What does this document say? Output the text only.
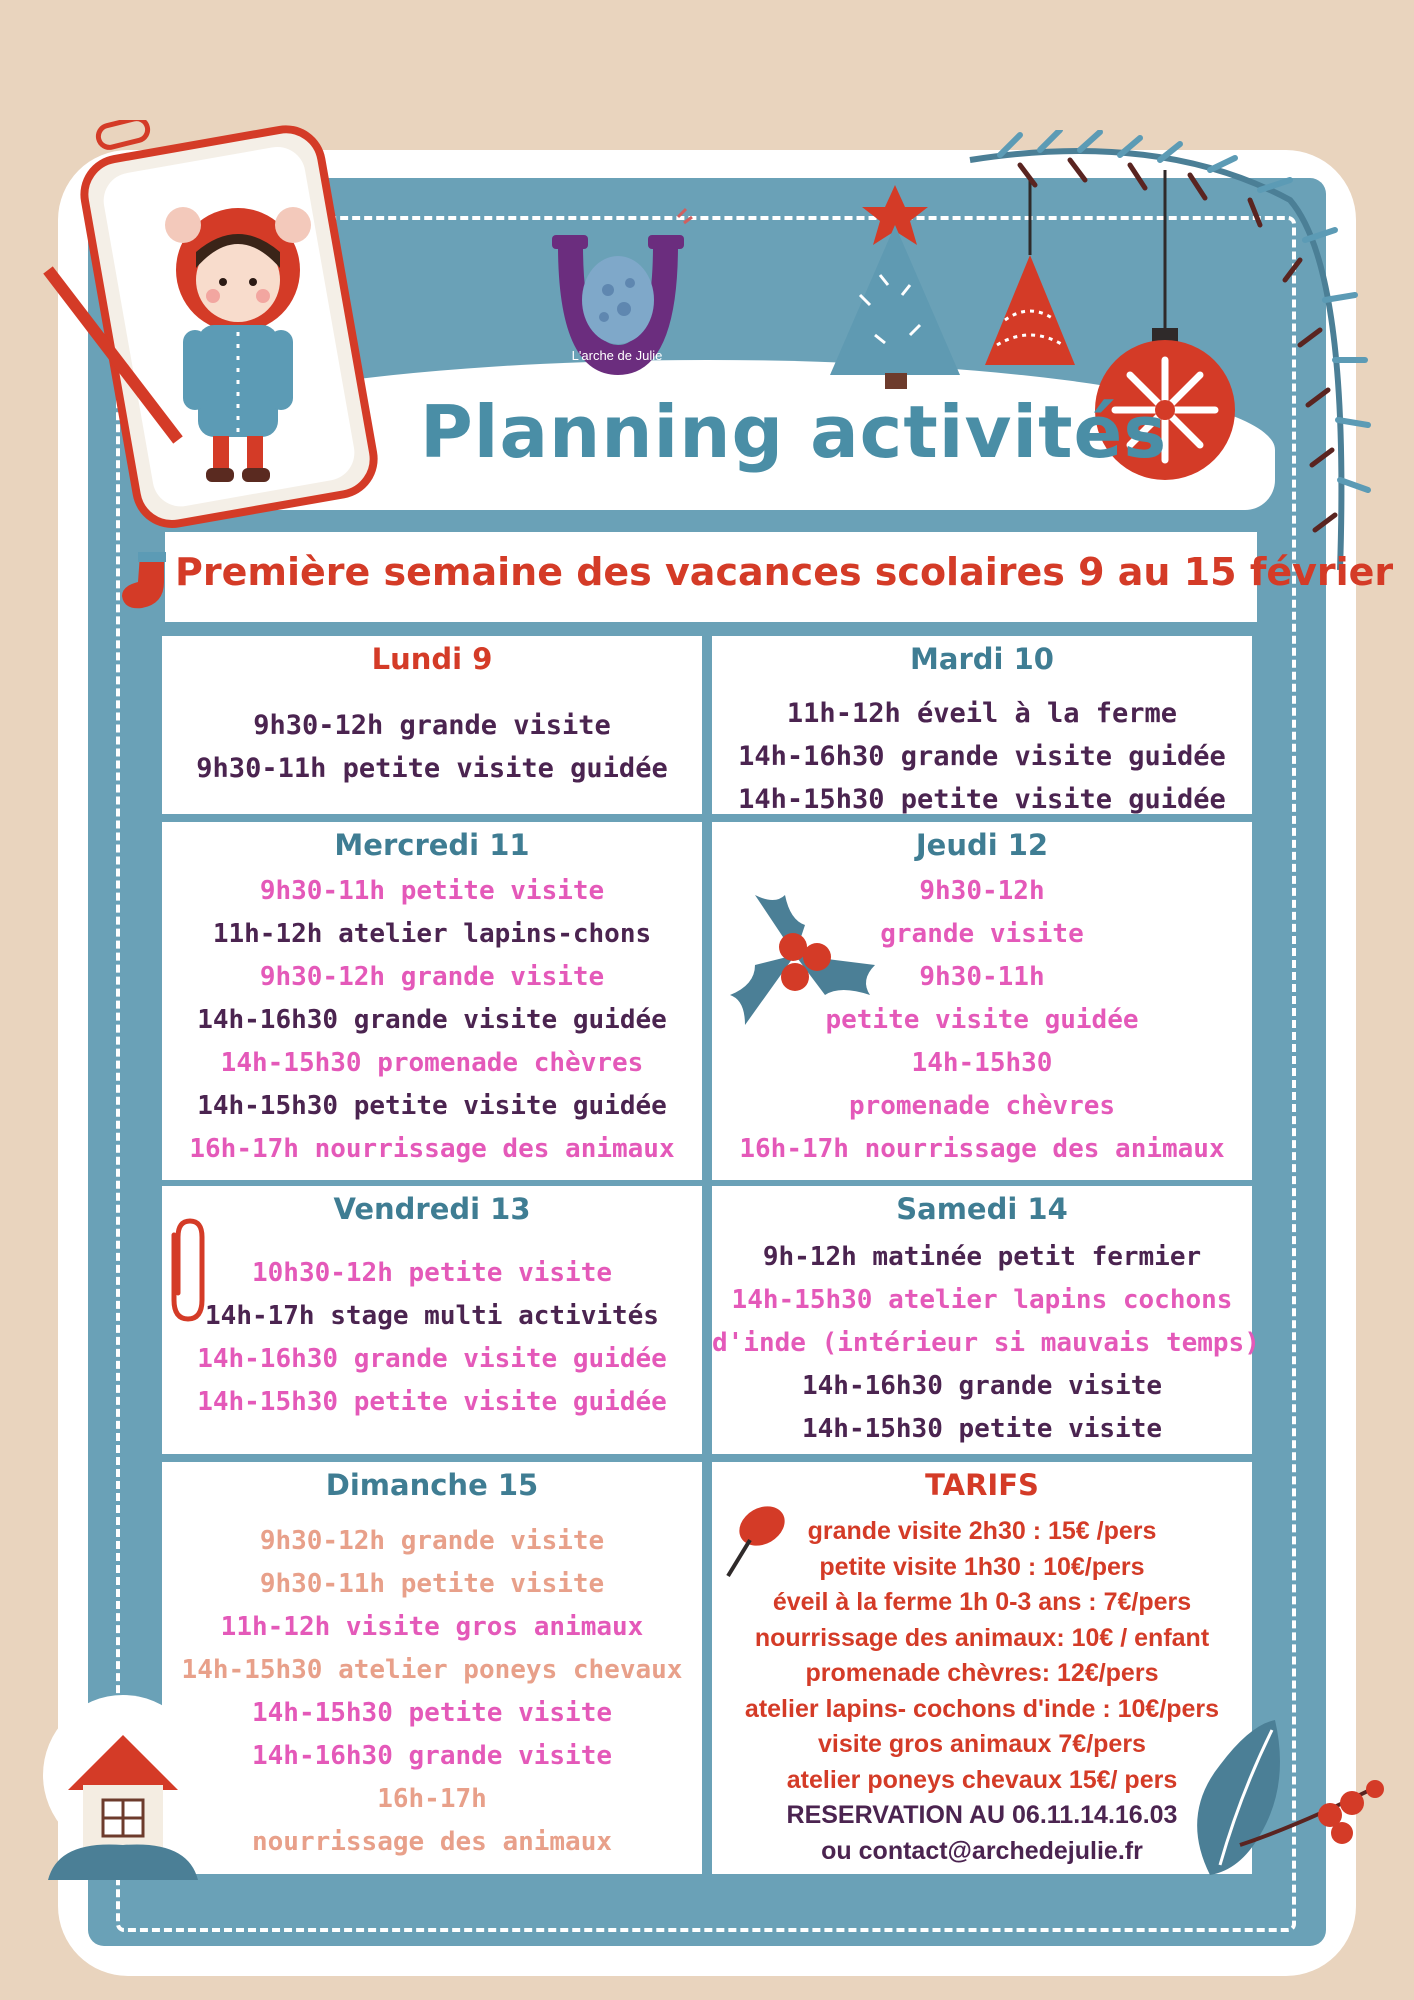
L'arche de Julie
Planning activités
Première semaine des vacances scolaires 9 au 15 février
Lundi 9
9h30-12h grande visite
9h30-11h petite visite guidée
Mardi 10
11h-12h éveil à la ferme
14h-16h30 grande visite guidée
14h-15h30 petite visite guidée
Mercredi 11
9h30-11h petite visite
11h-12h atelier lapins-chons
9h30-12h grande visite
14h-16h30 grande visite guidée
14h-15h30 promenade chèvres
14h-15h30 petite visite guidée
16h-17h nourrissage des animaux
Jeudi 12
9h30-12h
grande visite
9h30-11h
petite visite guidée
14h-15h30
promenade chèvres
16h-17h nourrissage des animaux
Vendredi 13
10h30-12h petite visite
14h-17h stage multi activités
14h-16h30 grande visite guidée
14h-15h30 petite visite guidée
Samedi 14
9h-12h matinée petit fermier
14h-15h30 atelier lapins cochons
d'inde (intérieur si mauvais temps)
14h-16h30 grande visite
14h-15h30 petite visite
Dimanche 15
9h30-12h grande visite
9h30-11h petite visite
11h-12h visite gros animaux
14h-15h30 atelier poneys chevaux
14h-15h30 petite visite
14h-16h30 grande visite
16h-17h
nourrissage des animaux
TARIFS
grande visite 2h30 : 15€ /pers
petite visite 1h30 : 10€/pers
éveil à la ferme 1h 0-3 ans : 7€/pers
nourrissage des animaux: 10€ / enfant
promenade chèvres: 12€/pers
atelier lapins- cochons d'inde : 10€/pers
visite gros animaux 7€/pers
atelier poneys chevaux 15€/ pers
RESERVATION AU 06.11.14.16.03
ou contact@archedejulie.fr
